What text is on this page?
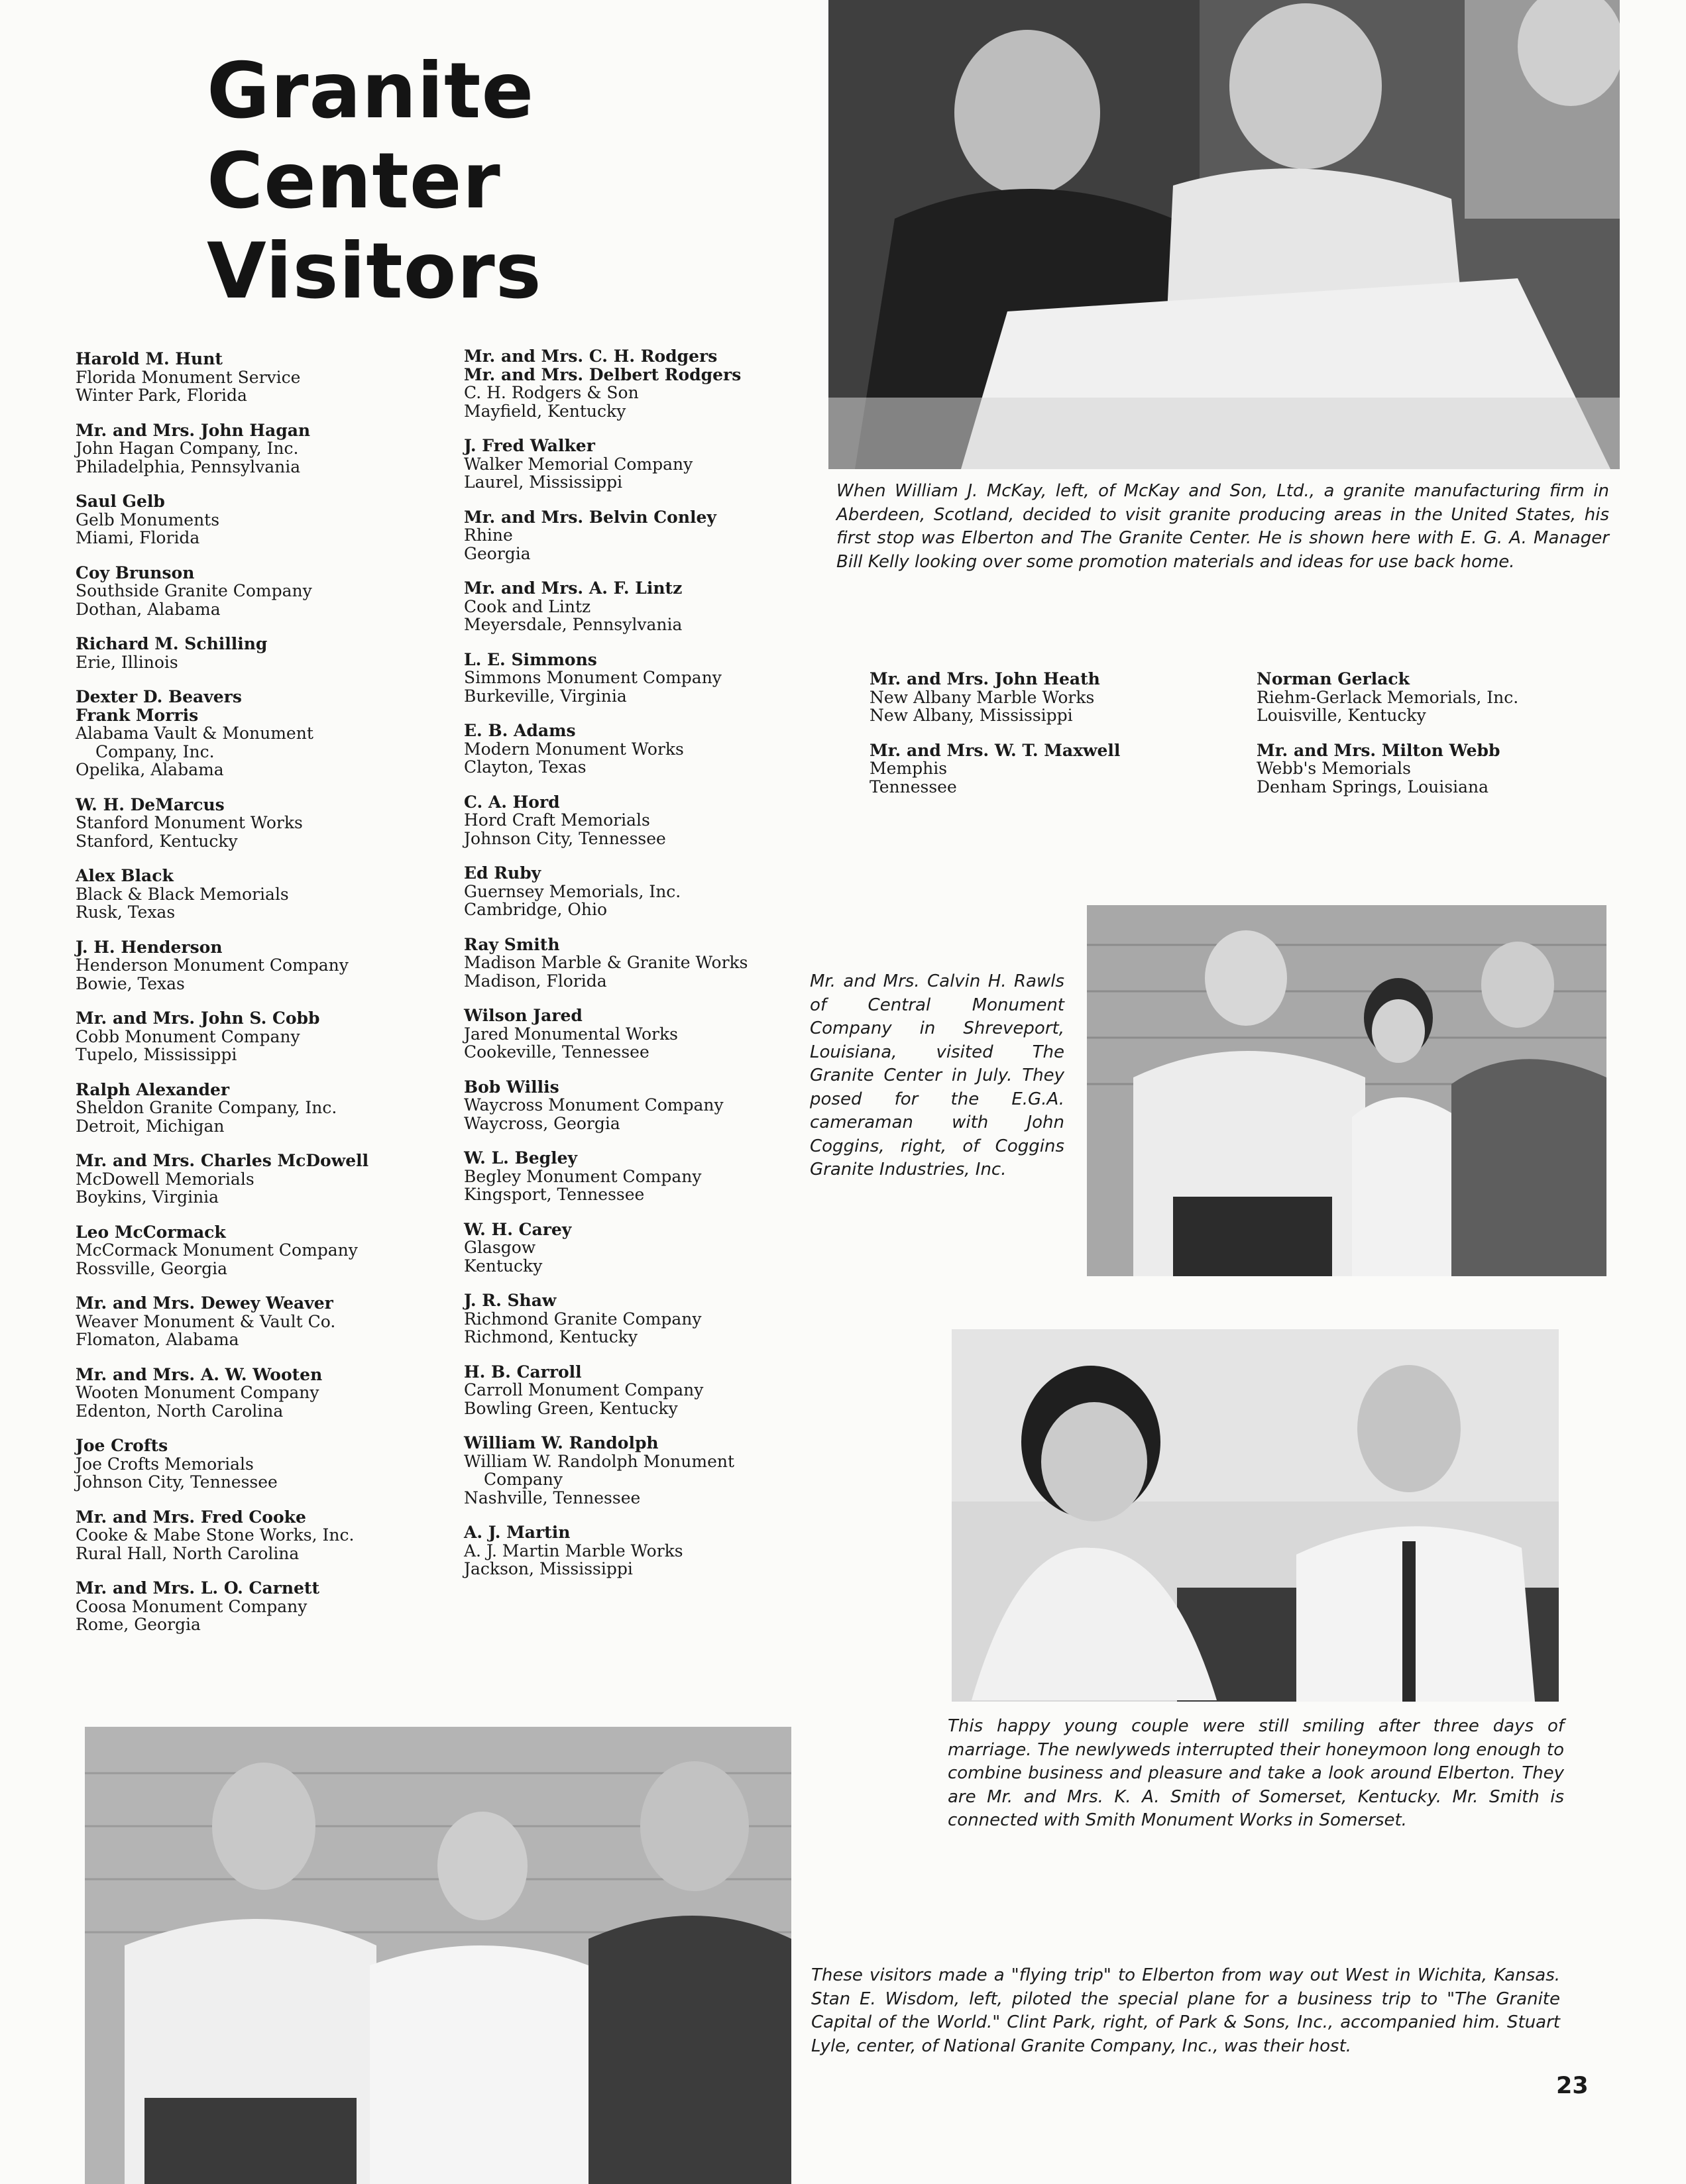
Granite
Center
Visitors
Harold M. Hunt
Florida Monument Service
Winter Park, Florida
Mr. and Mrs. John Hagan
John Hagan Company, Inc.
Philadelphia, Pennsylvania
Saul Gelb
Gelb Monuments
Miami, Florida
Coy Brunson
Southside Granite Company
Dothan, Alabama
Richard M. Schilling
Erie, Illinois
Dexter D. Beavers
Frank Morris
Alabama Vault & Monument
Company, Inc.
Opelika, Alabama
W. H. DeMarcus
Stanford Monument Works
Stanford, Kentucky
Alex Black
Black & Black Memorials
Rusk, Texas
J. H. Henderson
Henderson Monument Company
Bowie, Texas
Mr. and Mrs. John S. Cobb
Cobb Monument Company
Tupelo, Mississippi
Ralph Alexander
Sheldon Granite Company, Inc.
Detroit, Michigan
Mr. and Mrs. Charles McDowell
McDowell Memorials
Boykins, Virginia
Leo McCormack
McCormack Monument Company
Rossville, Georgia
Mr. and Mrs. Dewey Weaver
Weaver Monument & Vault Co.
Flomaton, Alabama
Mr. and Mrs. A. W. Wooten
Wooten Monument Company
Edenton, North Carolina
Joe Crofts
Joe Crofts Memorials
Johnson City, Tennessee
Mr. and Mrs. Fred Cooke
Cooke & Mabe Stone Works, Inc.
Rural Hall, North Carolina
Mr. and Mrs. L. O. Carnett
Coosa Monument Company
Rome, Georgia
Mr. and Mrs. C. H. Rodgers
Mr. and Mrs. Delbert Rodgers
C. H. Rodgers & Son
Mayfield, Kentucky
J. Fred Walker
Walker Memorial Company
Laurel, Mississippi
Mr. and Mrs. Belvin Conley
Rhine
Georgia
Mr. and Mrs. A. F. Lintz
Cook and Lintz
Meyersdale, Pennsylvania
L. E. Simmons
Simmons Monument Company
Burkeville, Virginia
E. B. Adams
Modern Monument Works
Clayton, Texas
C. A. Hord
Hord Craft Memorials
Johnson City, Tennessee
Ed Ruby
Guernsey Memorials, Inc.
Cambridge, Ohio
Ray Smith
Madison Marble & Granite Works
Madison, Florida
Wilson Jared
Jared Monumental Works
Cookeville, Tennessee
Bob Willis
Waycross Monument Company
Waycross, Georgia
W. L. Begley
Begley Monument Company
Kingsport, Tennessee
W. H. Carey
Glasgow
Kentucky
J. R. Shaw
Richmond Granite Company
Richmond, Kentucky
H. B. Carroll
Carroll Monument Company
Bowling Green, Kentucky
William W. Randolph
William W. Randolph Monument
Company
Nashville, Tennessee
A. J. Martin
A. J. Martin Marble Works
Jackson, Mississippi
Mr. and Mrs. John Heath
New Albany Marble Works
New Albany, Mississippi
Mr. and Mrs. W. T. Maxwell
Memphis
Tennessee
Norman Gerlack
Riehm-Gerlack Memorials, Inc.
Louisville, Kentucky
Mr. and Mrs. Milton Webb
Webb's Memorials
Denham Springs, Louisiana

When William J. McKay, left, of McKay and Son, Ltd., a granite manufacturing firm in Aberdeen, Scotland, decided to visit granite producing areas in the United States, his first stop was Elberton and The Granite Center. He is shown here with E. G. A. Manager Bill Kelly looking over some promotion materials and ideas for use back home.

Mr. and Mrs. Calvin H. Rawls of Central Monument Company in Shreveport, Louisiana, visited The Granite Center in July. They posed for the E.G.A. cameraman with John Coggins, right, of Coggins Granite Industries, Inc.

This happy young couple were still smiling after three days of marriage. The newlyweds interrupted their honeymoon long enough to combine business and pleasure and take a look around Elberton. They are Mr. and Mrs. K. A. Smith of Somerset, Kentucky. Mr. Smith is connected with Smith Monument Works in Somerset.

These visitors made a "flying trip" to Elberton from way out West in Wichita, Kansas. Stan E. Wisdom, left, piloted the special plane for a business trip to "The Granite Capital of the World." Clint Park, right, of Park & Sons, Inc., accompanied him. Stuart Lyle, center, of National Granite Company, Inc., was their host.

23
